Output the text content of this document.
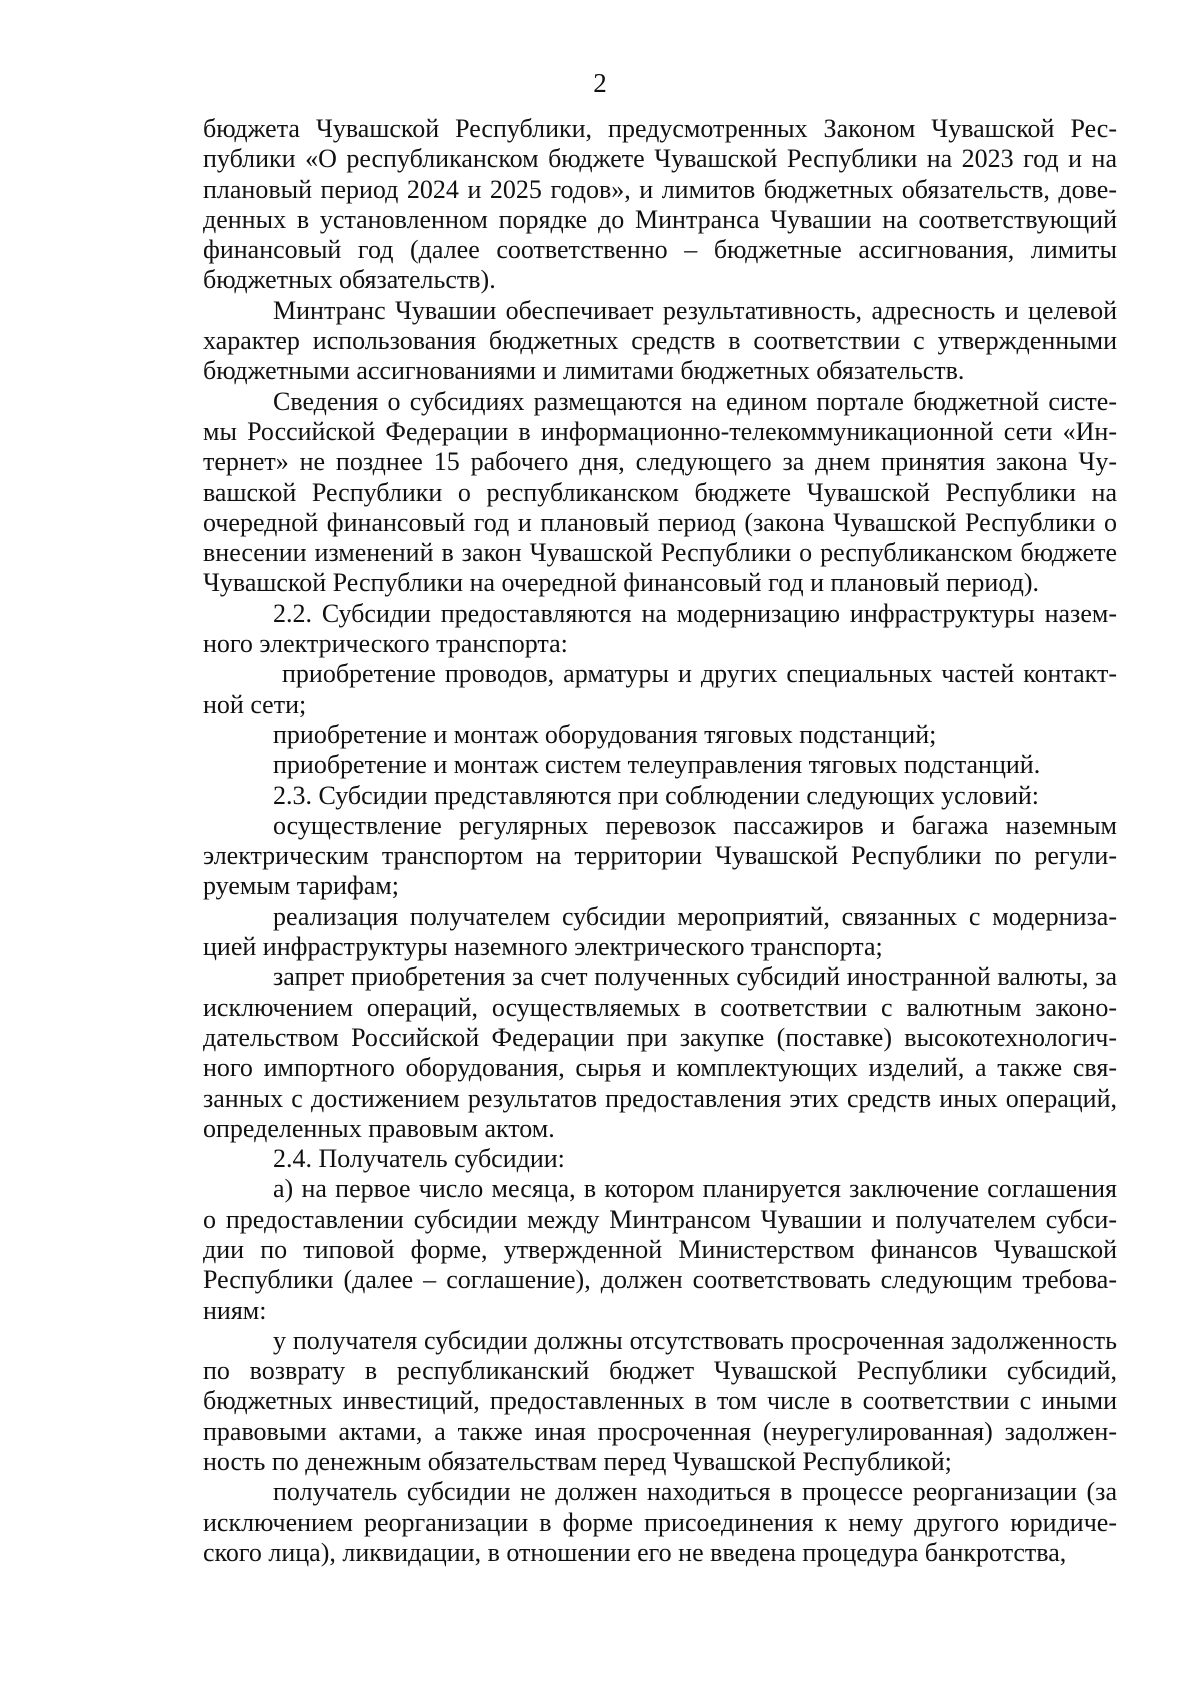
2

бюджета Чувашской Республики, предусмотренных Законом Чувашской Республики «О республиканском бюджете Чувашской Республики на 2023 год и на плановый период 2024 и 2025 годов», и лимитов бюджетных обязательств, доведенных в установленном порядке до Минтранса Чувашии на соответствующий финансовый год (далее соответственно – бюджетные ассигнования, лимиты бюджетных обязательств).

Минтранс Чувашии обеспечивает результативность, адресность и целевой характер использования бюджетных средств в соответствии с утвержденными бюджетными ассигнованиями и лимитами бюджетных обязательств.

Сведения о субсидиях размещаются на едином портале бюджетной системы Российской Федерации в информационно-телекоммуникационной сети «Интернет» не позднее 15 рабочего дня, следующего за днем принятия закона Чувашской Республики о республиканском бюджете Чувашской Республики на очередной финансовый год и плановый период (закона Чувашской Республики о внесении изменений в закон Чувашской Республики о республиканском бюджете Чувашской Республики на очередной финансовый год и плановый период).

2.2. Субсидии предоставляются на модернизацию инфраструктуры наземного электрического транспорта:

приобретение проводов, арматуры и других специальных частей контактной сети;

приобретение и монтаж оборудования тяговых подстанций;

приобретение и монтаж систем телеуправления тяговых подстанций.

2.3. Субсидии представляются при соблюдении следующих условий:

осуществление регулярных перевозок пассажиров и багажа наземным электрическим транспортом на территории Чувашской Республики по регулируемым тарифам;

реализация получателем субсидии мероприятий, связанных с модернизацией инфраструктуры наземного электрического транспорта;

запрет приобретения за счет полученных субсидий иностранной валюты, за исключением операций, осуществляемых в соответствии с валютным законодательством Российской Федерации при закупке (поставке) высокотехнологичного импортного оборудования, сырья и комплектующих изделий, а также связанных с достижением результатов предоставления этих средств иных операций, определенных правовым актом.

2.4. Получатель субсидии:

а) на первое число месяца, в котором планируется заключение соглашения о предоставлении субсидии между Минтрансом Чувашии и получателем субсидии по типовой форме, утвержденной Министерством финансов Чувашской Республики (далее – соглашение), должен соответствовать следующим требованиям:

у получателя субсидии должны отсутствовать просроченная задолженность по возврату в республиканский бюджет Чувашской Республики субсидий, бюджетных инвестиций, предоставленных в том числе в соответствии с иными правовыми актами, а также иная просроченная (неурегулированная) задолженность по денежным обязательствам перед Чувашской Республикой;

получатель субсидии не должен находиться в процессе реорганизации (за исключением реорганизации в форме присоединения к нему другого юридического лица), ликвидации, в отношении его не введена процедура банкротства,
